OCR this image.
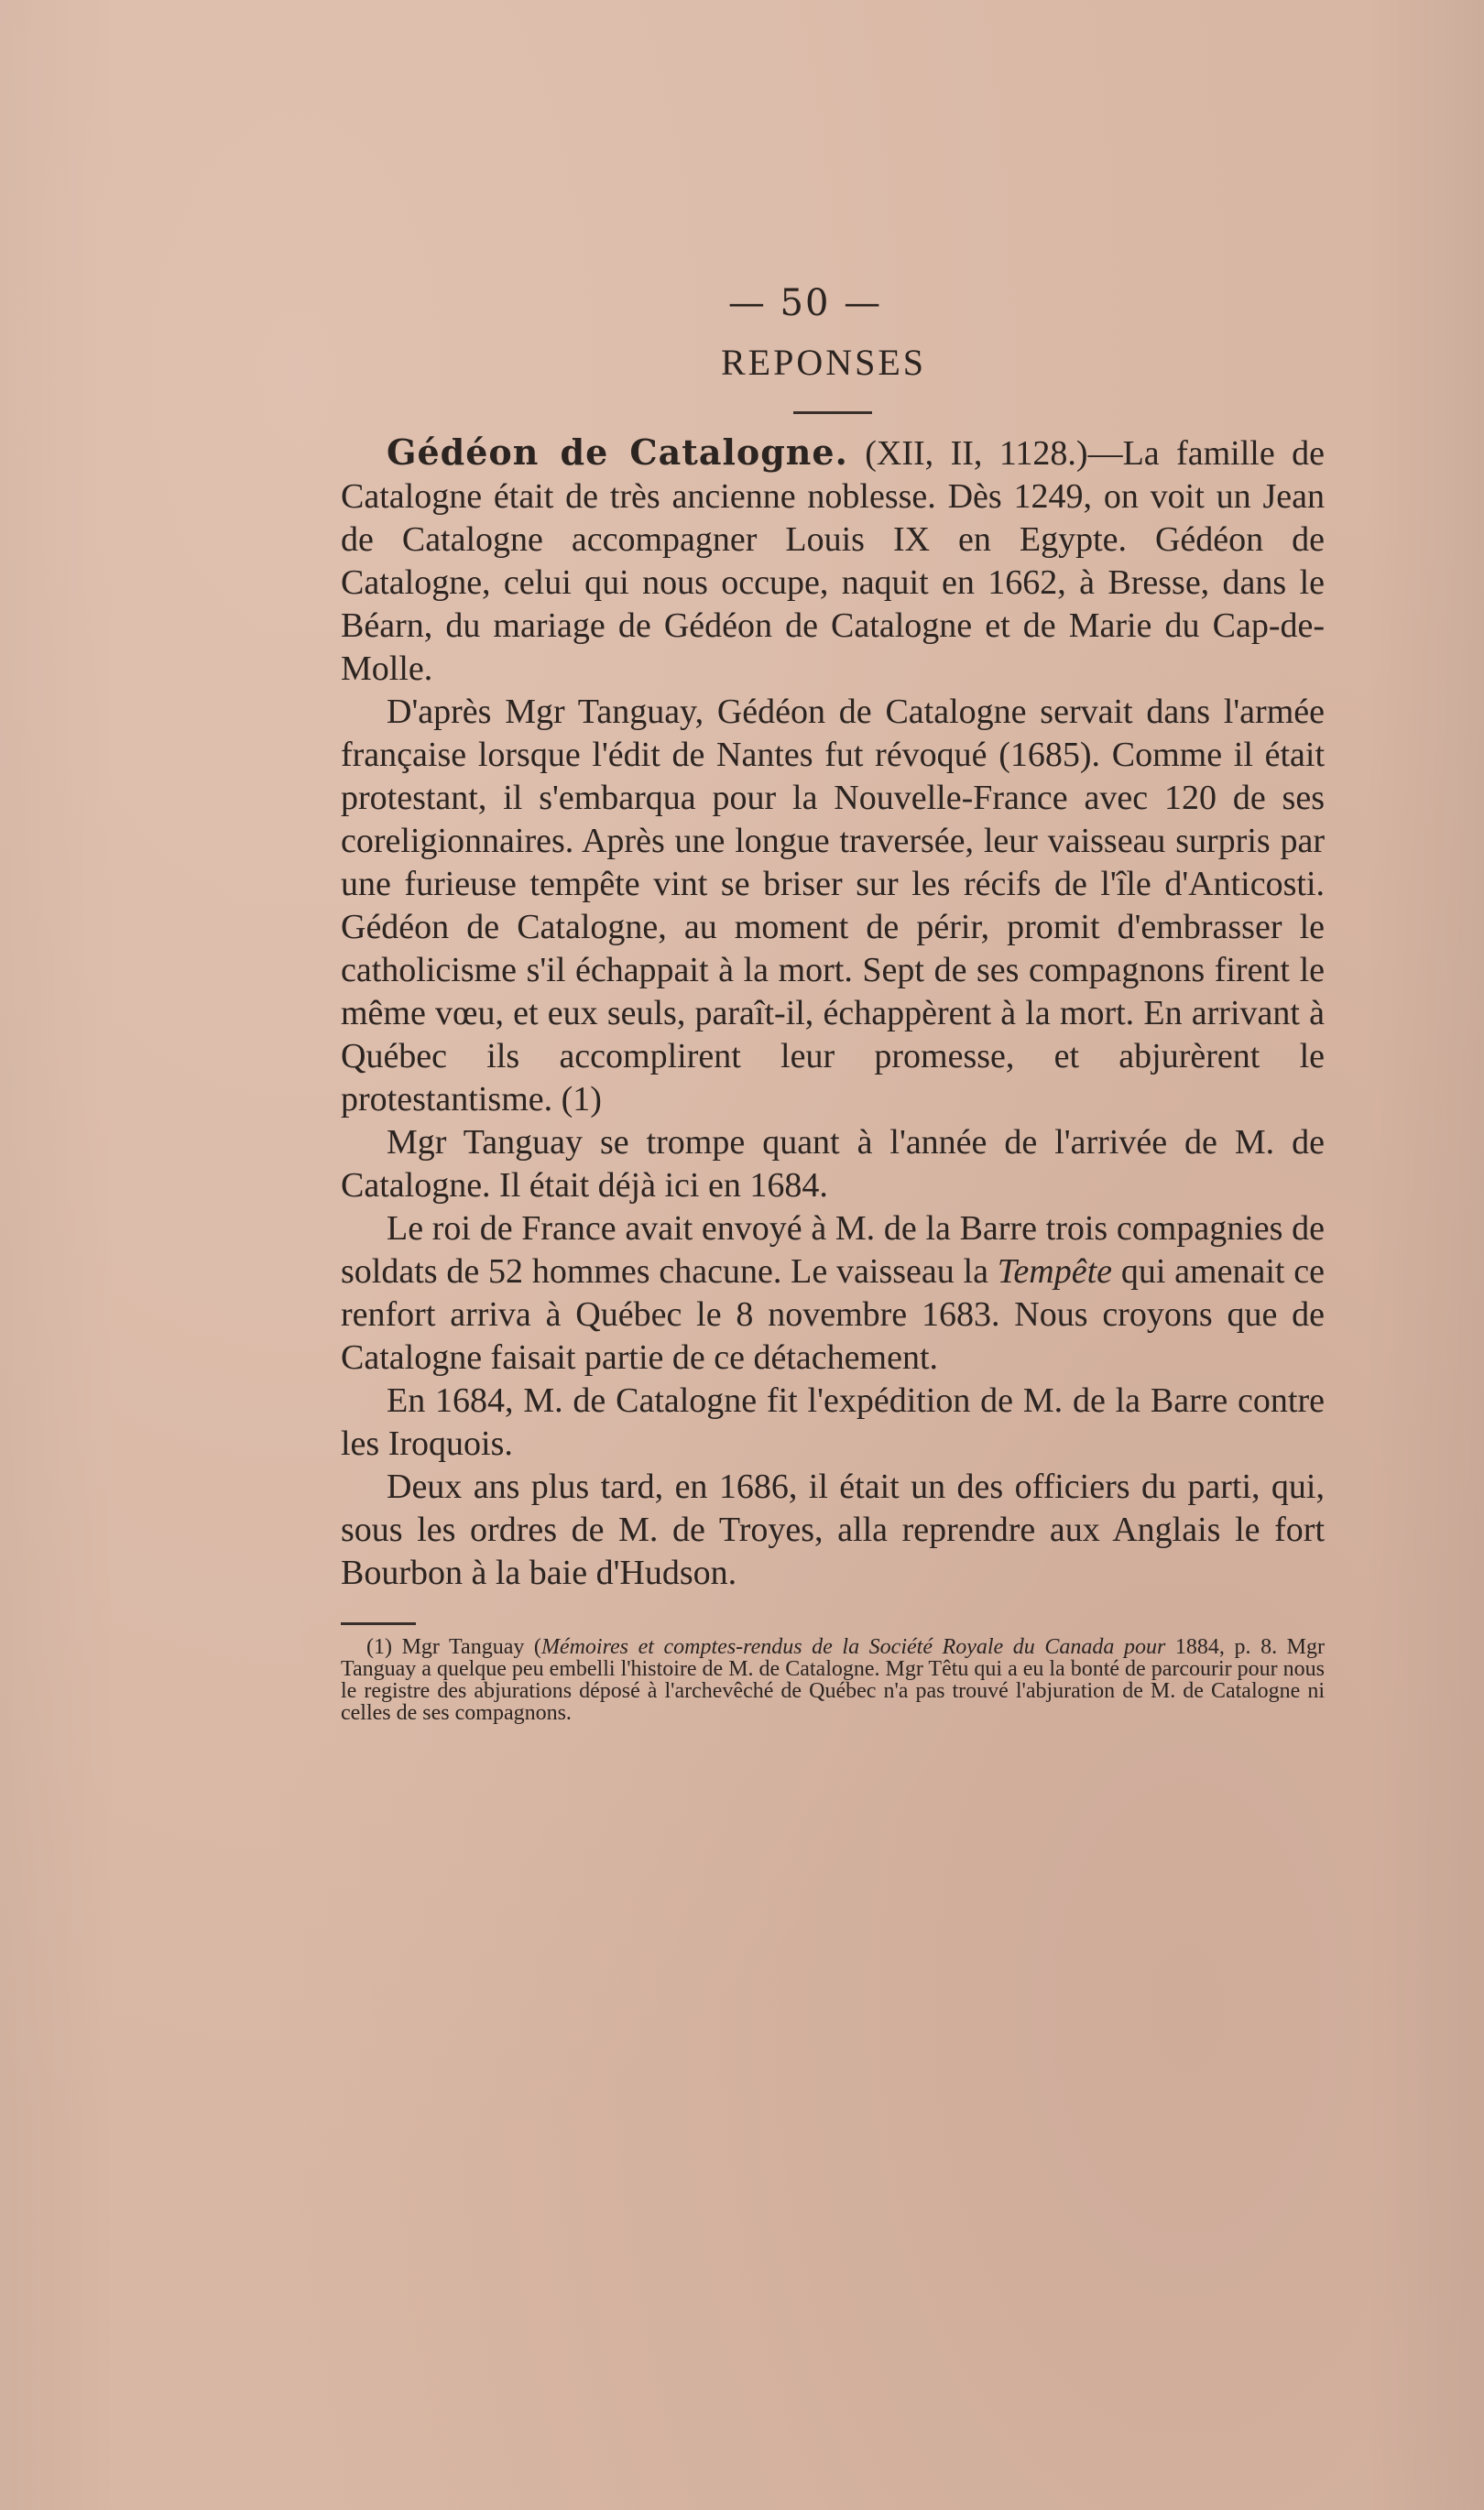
— 50 —
REPONSES

Gédéon de Catalogne. (XII, II, 1128.)—La famille de Catalogne était de très ancienne noblesse. Dès 1249, on voit un Jean de Catalogne accompagner Louis IX en Egypte. Gédéon de Catalogne, celui qui nous occupe, naquit en 1662, à Bresse, dans le Béarn, du mariage de Gédéon de Catalogne et de Marie du Cap-de-Molle.

D'après Mgr Tanguay, Gédéon de Catalogne servait dans l'armée française lorsque l'édit de Nantes fut révoqué (1685). Comme il était protestant, il s'embarqua pour la Nouvelle-France avec 120 de ses coreligionnaires. Après une longue traversée, leur vaisseau surpris par une furieuse tempête vint se briser sur les récifs de l'île d'Anticosti. Gédéon de Catalogne, au moment de périr, promit d'embrasser le catholicisme s'il échappait à la mort. Sept de ses compagnons firent le même vœu, et eux seuls, paraît-il, échappèrent à la mort. En arrivant à Québec ils accomplirent leur promesse, et abjurèrent le protestantisme. (1)

Mgr Tanguay se trompe quant à l'année de l'arrivée de M. de Catalogne. Il était déjà ici en 1684.

Le roi de France avait envoyé à M. de la Barre trois compagnies de soldats de 52 hommes chacune. Le vaisseau la Tempête qui amenait ce renfort arriva à Québec le 8 novembre 1683. Nous croyons que de Catalogne faisait partie de ce détachement.

En 1684, M. de Catalogne fit l'expédition de M. de la Barre contre les Iroquois.

Deux ans plus tard, en 1686, il était un des officiers du parti, qui, sous les ordres de M. de Troyes, alla reprendre aux Anglais le fort Bourbon à la baie d'Hudson.

(1) Mgr Tanguay (Mémoires et comptes-rendus de la Société Royale du Canada pour 1884, p. 8. Mgr Tanguay a quelque peu embelli l'histoire de M. de Catalogne. Mgr Têtu qui a eu la bonté de parcourir pour nous le registre des abjurations déposé à l'archevêché de Québec n'a pas trouvé l'abjuration de M. de Catalogne ni celles de ses compagnons.
